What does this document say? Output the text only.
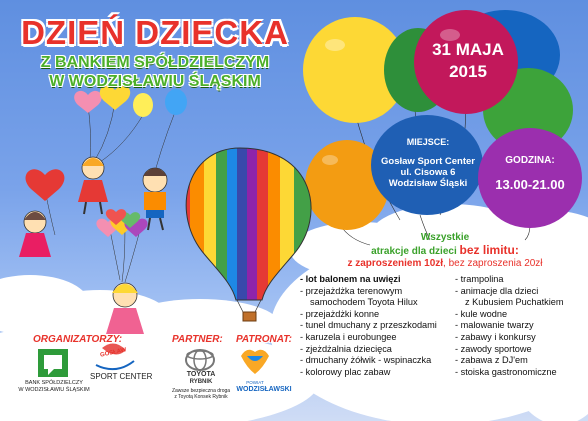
DZIEŃ DZIECKA
Z BANKIEM SPÓŁDZIELCZYM
W WODZISŁAWIU ŚLĄSKIM
31 MAJA
2015
MIEJSCE:
Gosław Sport Center
ul. Cisowa 6
Wodzisław Śląski
GODZINA:
13.00-21.00
Wszystkie
atrakcje dla dzieci bez limitu:
z zaproszeniem 10zł, bez zaproszenia 20zł
- lot balonem na uwięzi
- przejażdżka terenowym
samochodem Toyota Hilux
- przejażdżki konne
- tunel dmuchany z przeszkodami
- karuzela i eurobungee
- zjeżdżalnia dziecięca
- dmuchany żółwik - wspinaczka
- kolorowy plac zabaw
- trampolina
- animacje dla dzieci
z Kubusiem Puchatkiem
- kule wodne
- malowanie twarzy
- zabawy i konkursy
- zawody sportowe
- zabawa z DJ'em
- stoiska gastronomiczne
ORGANIZATORZY:	PARTNER: PATRONAT:
BANK SPÓŁDZIELCZY
W WODZISŁAWIU ŚLĄSKIM
GOSŁAW
SPORT CENTER	TOYOTA
RYBNIK
Zawsze bezpieczna droga
z Toyotą Konsek Rybnik
POWIAT
WODZISŁAWSKI
